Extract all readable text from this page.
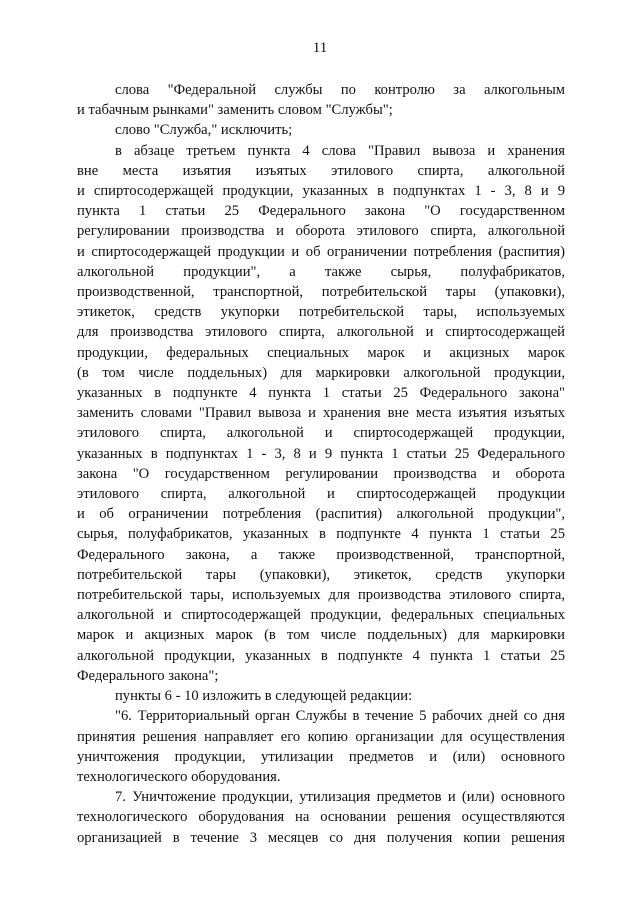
11
слова "Федеральной службы по контролю за алкогольным
и табачным рынками" заменить словом "Службы";
слово "Служба," исключить;
в абзаце третьем пункта 4 слова "Правил вывоза и хранения
вне места изъятия изъятых этилового спирта, алкогольной
и спиртосодержащей продукции, указанных в подпунктах 1 - 3, 8 и 9
пункта 1 статьи 25 Федерального закона "О государственном
регулировании производства и оборота этилового спирта, алкогольной
и спиртосодержащей продукции и об ограничении потребления (распития)
алкогольной продукции", а также сырья, полуфабрикатов,
производственной, транспортной, потребительской тары (упаковки),
этикеток, средств укупорки потребительской тары, используемых
для производства этилового спирта, алкогольной и спиртосодержащей
продукции, федеральных специальных марок и акцизных марок
(в том числе поддельных) для маркировки алкогольной продукции,
указанных в подпункте 4 пункта 1 статьи 25 Федерального закона"
заменить словами "Правил вывоза и хранения вне места изъятия изъятых
этилового спирта, алкогольной и спиртосодержащей продукции,
указанных в подпунктах 1 - 3, 8 и 9 пункта 1 статьи 25 Федерального
закона "О государственном регулировании производства и оборота
этилового спирта, алкогольной и спиртосодержащей продукции
и об ограничении потребления (распития) алкогольной продукции",
сырья, полуфабрикатов, указанных в подпункте 4 пункта 1 статьи 25
Федерального закона, а также производственной, транспортной,
потребительской тары (упаковки), этикеток, средств укупорки
потребительской тары, используемых для производства этилового спирта,
алкогольной и спиртосодержащей продукции, федеральных специальных
марок и акцизных марок (в том числе поддельных) для маркировки
алкогольной продукции, указанных в подпункте 4 пункта 1 статьи 25
Федерального закона";
пункты 6 - 10 изложить в следующей редакции:
"6. Территориальный орган Службы в течение 5 рабочих дней со дня
принятия решения направляет его копию организации для осуществления
уничтожения продукции, утилизации предметов и (или) основного
технологического оборудования.
7. Уничтожение продукции, утилизация предметов и (или) основного
технологического оборудования на основании решения осуществляются
организацией в течение 3 месяцев со дня получения копии решения
